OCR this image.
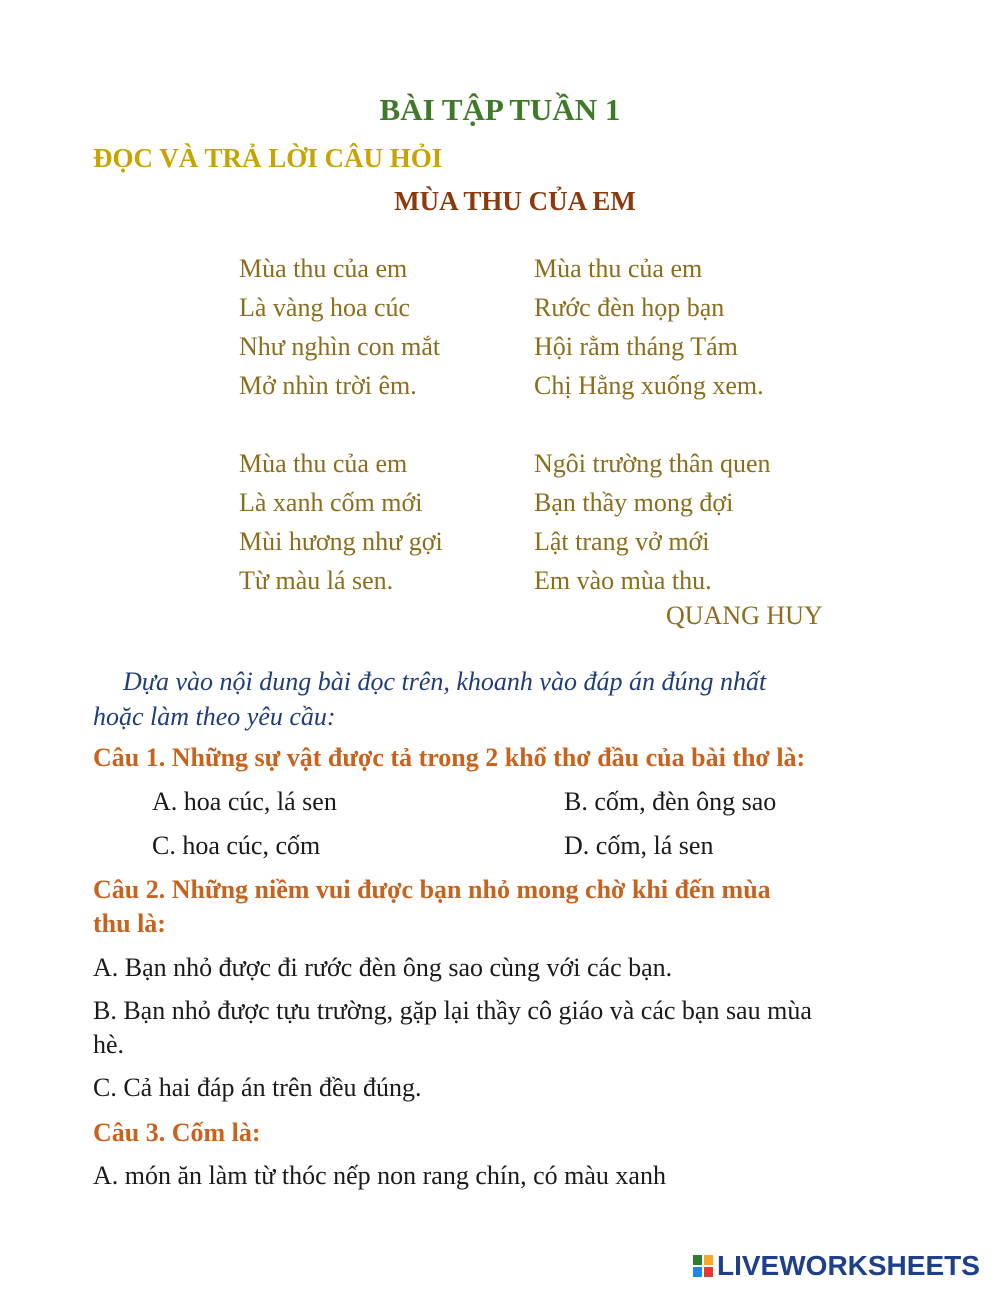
BÀI TẬP TUẦN 1
ĐỌC VÀ TRẢ LỜI CÂU HỎI
MÙA THU CỦA EM
Mùa thu của em
Là vàng hoa cúc
Như nghìn con mắt
Mở nhìn trời êm.
Mùa thu của em
Là xanh cốm mới
Mùi hương như gợi
Từ màu lá sen.
Mùa thu của em
Rước đèn họp bạn
Hội rằm tháng Tám
Chị Hằng xuống xem.
Ngôi trường thân quen
Bạn thầy mong đợi
Lật trang vở mới
Em vào mùa thu.
QUANG HUY
Dựa vào nội dung bài đọc trên, khoanh vào đáp án đúng nhất
hoặc làm theo yêu cầu:
Câu 1. Những sự vật được tả trong 2 khổ thơ đầu của bài thơ là:
A. hoa cúc, lá sen	B. cốm, đèn ông sao
C. hoa cúc, cốm	D. cốm, lá sen
Câu 2. Những niềm vui được bạn nhỏ mong chờ khi đến mùa
thu là:
A. Bạn nhỏ được đi rước đèn ông sao cùng với các bạn.
B. Bạn nhỏ được tựu trường, gặp lại thầy cô giáo và các bạn sau mùa
hè.
C. Cả hai đáp án trên đều đúng.
Câu 3. Cốm là:
A. món ăn làm từ thóc nếp non rang chín, có màu xanh
LIVEWORKSHEETS
